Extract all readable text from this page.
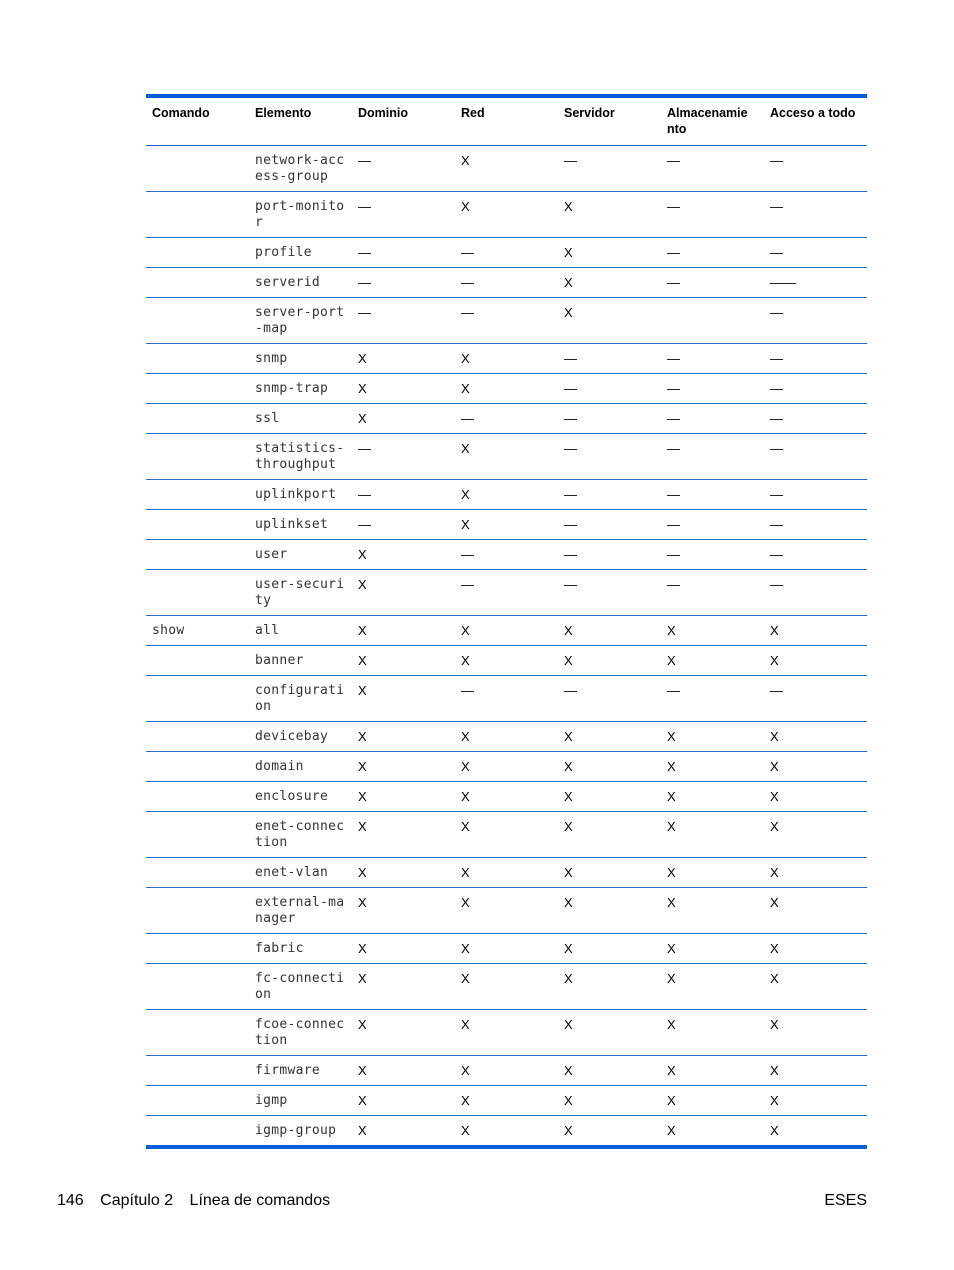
Comando	Elemento	Dominio	Red	Servidor	Almacenamie nto	Acceso a todo
	network-access-group	—	X	—	—	—
	port-monitor	—	X	X	—	—
	profile	—	—	X	—	—
	serverid	—	—	X	—	——
	server-port-map	—	—	X		—
	snmp	X	X	—	—	—
	snmp-trap	X	X	—	—	—
	ssl	X	—	—	—	—
	statistics-throughput	—	X	—	—	—
	uplinkport	—	X	—	—	—
	uplinkset	—	X	—	—	—
	user	X	—	—	—	—
	user-security	X	—	—	—	—
show	all	X	X	X	X	X
	banner	X	X	X	X	X
	configuration	X	—	—	—	—
	devicebay	X	X	X	X	X
	domain	X	X	X	X	X
	enclosure	X	X	X	X	X
	enet-connection	X	X	X	X	X
	enet-vlan	X	X	X	X	X
	external-manager	X	X	X	X	X
	fabric	X	X	X	X	X
	fc-connection	X	X	X	X	X
	fcoe-connection	X	X	X	X	X
	firmware	X	X	X	X	X
	igmp	X	X	X	X	X
	igmp-group	X	X	X	X	X
146 Capítulo 2 Línea de comandos	ESES
